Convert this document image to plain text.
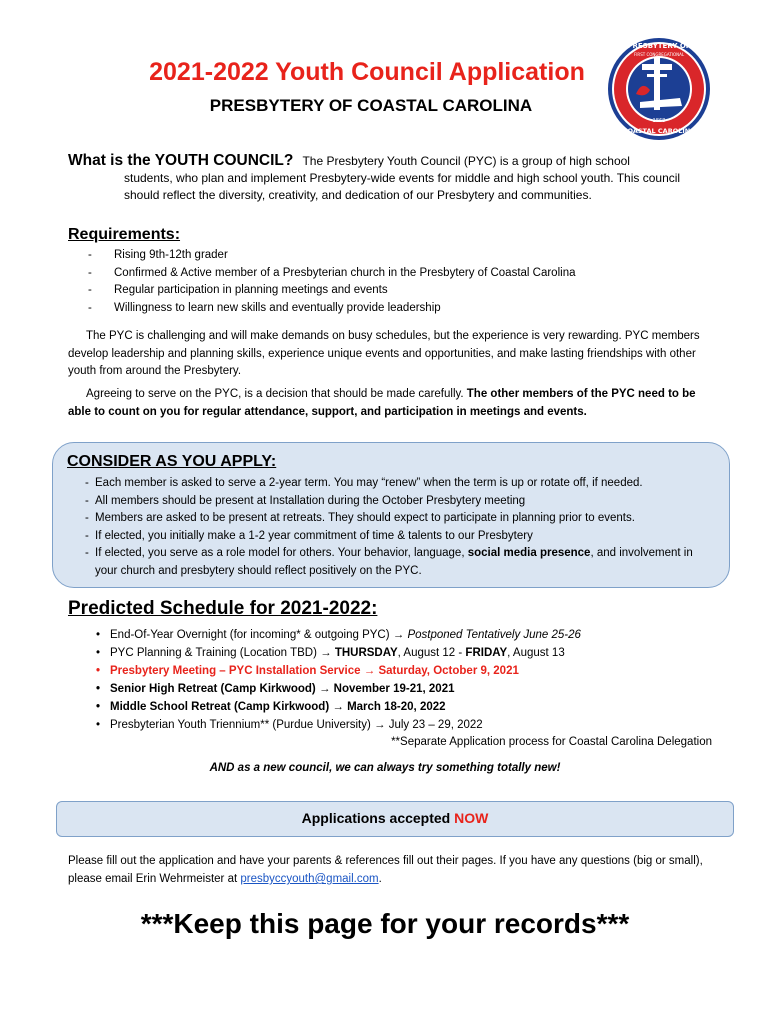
2021-2022 Youth Council Application
PRESBYTERY OF COASTAL CAROLINA
PRESBYTERY OF
FIRST CONGREGATIONAL
1868
COASTAL CAROLINA
What is the YOUTH COUNCIL? The Presbytery Youth Council (PYC) is a group of high school
students, who plan and implement Presbytery-wide events for middle and high school youth. This council should reflect the diversity, creativity, and dedication of our Presbytery and communities.
Requirements:
-	Rising 9th-12th grader
-	Confirmed & Active member of a Presbyterian church in the Presbytery of Coastal Carolina
-	Regular participation in planning meetings and events
-	Willingness to learn new skills and eventually provide leadership

The PYC is challenging and will make demands on busy schedules, but the experience is very rewarding. PYC members develop leadership and planning skills, experience unique events and opportunities, and make lasting friendships with other youth from around the Presbytery.

Agreeing to serve on the PYC, is a decision that should be made carefully. The other members of the PYC need to be able to count on you for regular attendance, support, and participation in meetings and events.

CONSIDER AS YOU APPLY:
- Each member is asked to serve a 2-year term. You may “renew” when the term is up or rotate off, if needed.
- All members should be present at Installation during the October Presbytery meeting
- Members are asked to be present at retreats. They should expect to participate in planning prior to events.
- If elected, you initially make a 1-2 year commitment of time & talents to our Presbytery
- If elected, you serve as a role model for others. Your behavior, language, social media presence, and involvement in your church and presbytery should reflect positively on the PYC.
Predicted Schedule for 2021-2022:
• End-Of-Year Overnight (for incoming* & outgoing PYC) → Postponed Tentatively June 25-26
• PYC Planning & Training (Location TBD) → THURSDAY, August 12 - FRIDAY, August 13
• Presbytery Meeting – PYC Installation Service → Saturday, October 9, 2021
• Senior High Retreat (Camp Kirkwood) → November 19-21, 2021
• Middle School Retreat (Camp Kirkwood) → March 18-20, 2022
• Presbyterian Youth Triennium** (Purdue University) → July 23 – 29, 2022
**Separate Application process for Coastal Carolina Delegation
AND as a new council, we can always try something totally new!
Applications accepted NOW

Please fill out the application and have your parents & references fill out their pages. If you have any questions (big or small), please email Erin Wehrmeister at presbyccyouth@gmail.com.

***Keep this page for your records***
